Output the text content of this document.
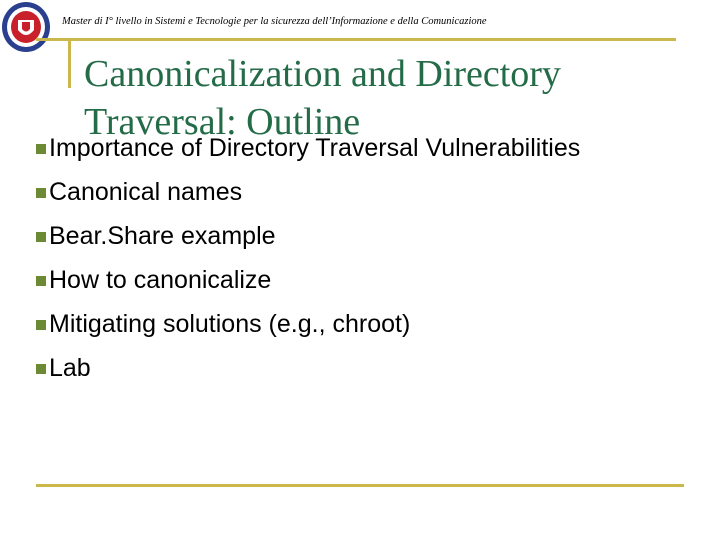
Master di I° livello in Sistemi e Tecnologie per la sicurezza dell’Informazione e della Comunicazione
Canonicalization and Directory Traversal: Outline
Importance of Directory Traversal Vulnerabilities
Canonical names
Bear.Share example
How to canonicalize
Mitigating solutions (e.g., chroot)
Lab
